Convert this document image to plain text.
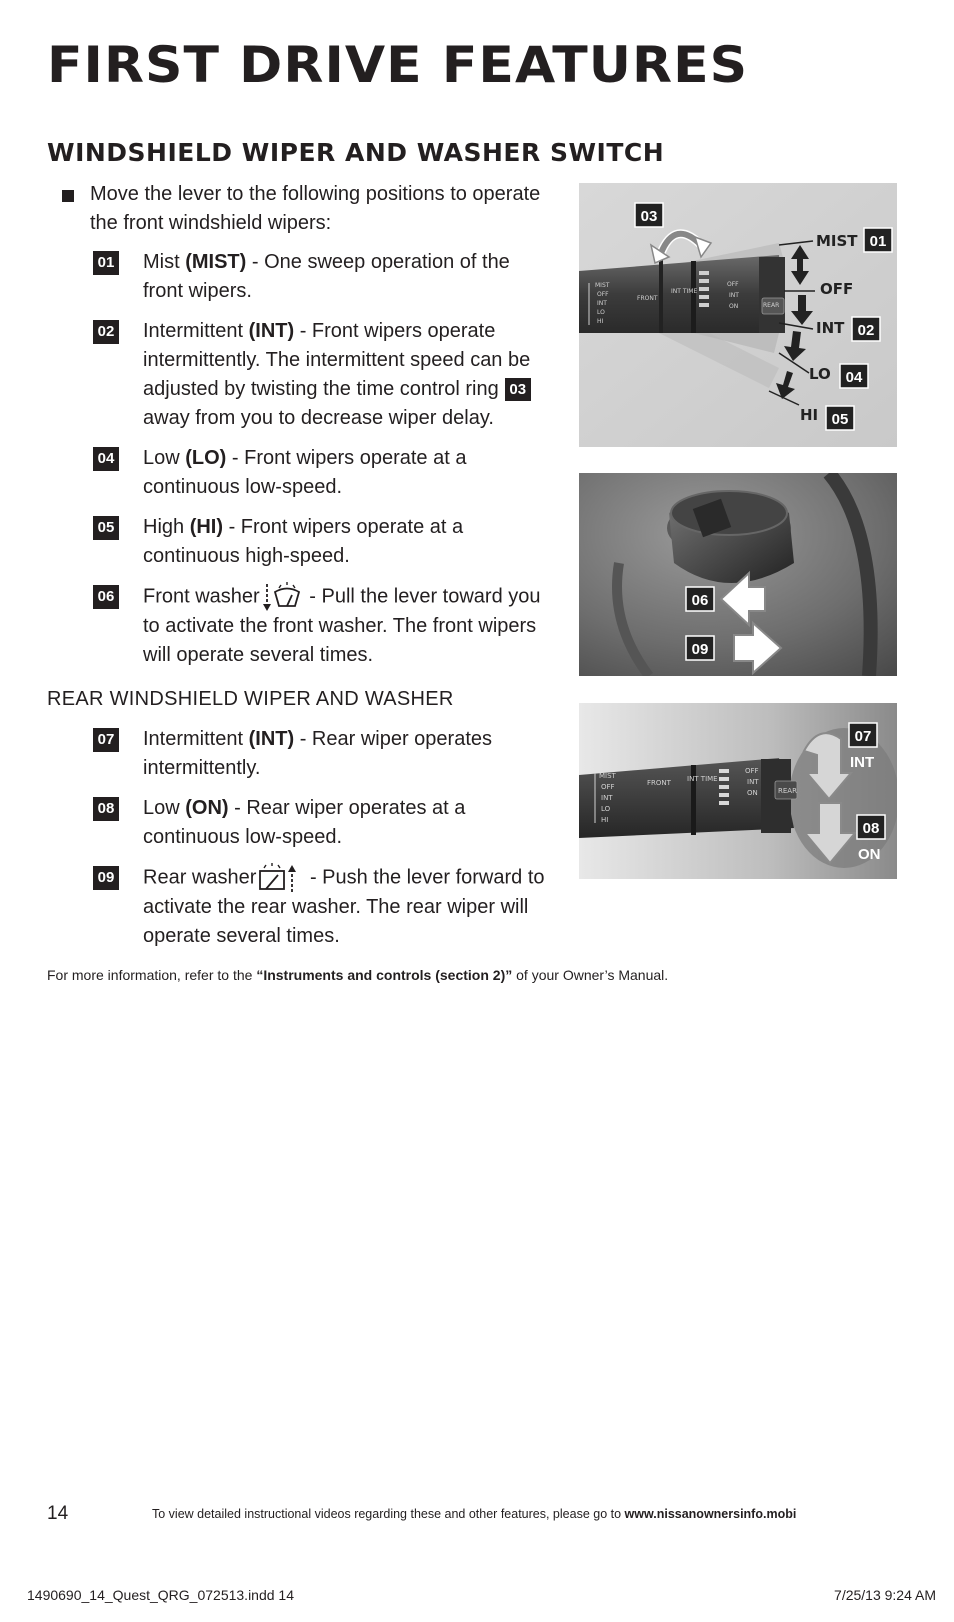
FIRST DRIVE FEATURES
WINDSHIELD WIPER AND WASHER SWITCH
Move the lever to the following positions to operate the front windshield wipers:
01 Mist (MIST) - One sweep operation of the front wipers.
02 Intermittent (INT) - Front wipers operate intermittently. The intermittent speed can be adjusted by twisting the time control ring 03
away from you to decrease wiper delay.
04 Low (LO) - Front wipers operate at a continuous low-speed.
05 High (HI) - Front wipers operate at a continuous high-speed.
06 Front washer - Pull the lever toward you to activate the front washer. The front wipers will operate several times.
REAR WINDSHIELD WIPER AND WASHER
07 Intermittent (INT) - Rear wiper operates intermittently.
08 Low (ON) - Rear wiper operates at a continuous low-speed.
09 Rear washer - Push the lever forward to activate the rear washer. The rear wiper will operate several times.
For more information, refer to the “Instruments and controls (section 2)” of your Owner’s Manual.
MIST
OFF
INT
LO
HI
FRONT
INT TIME
OFF
INT
ON	REAR
MIST
OFF
INT
LO
HI
03
01
02
04
05
06
09
MIST
OFF
INT
LO
HI
FRONT INT TIME
OFF
INT
ON	REAR
07
INT
08
ON
14	To view detailed instructional videos regarding these and other features, please go to www.nissanownersinfo.mobi
1490690_14_Quest_QRG_072513.indd 14	7/25/13 9:24 AM
